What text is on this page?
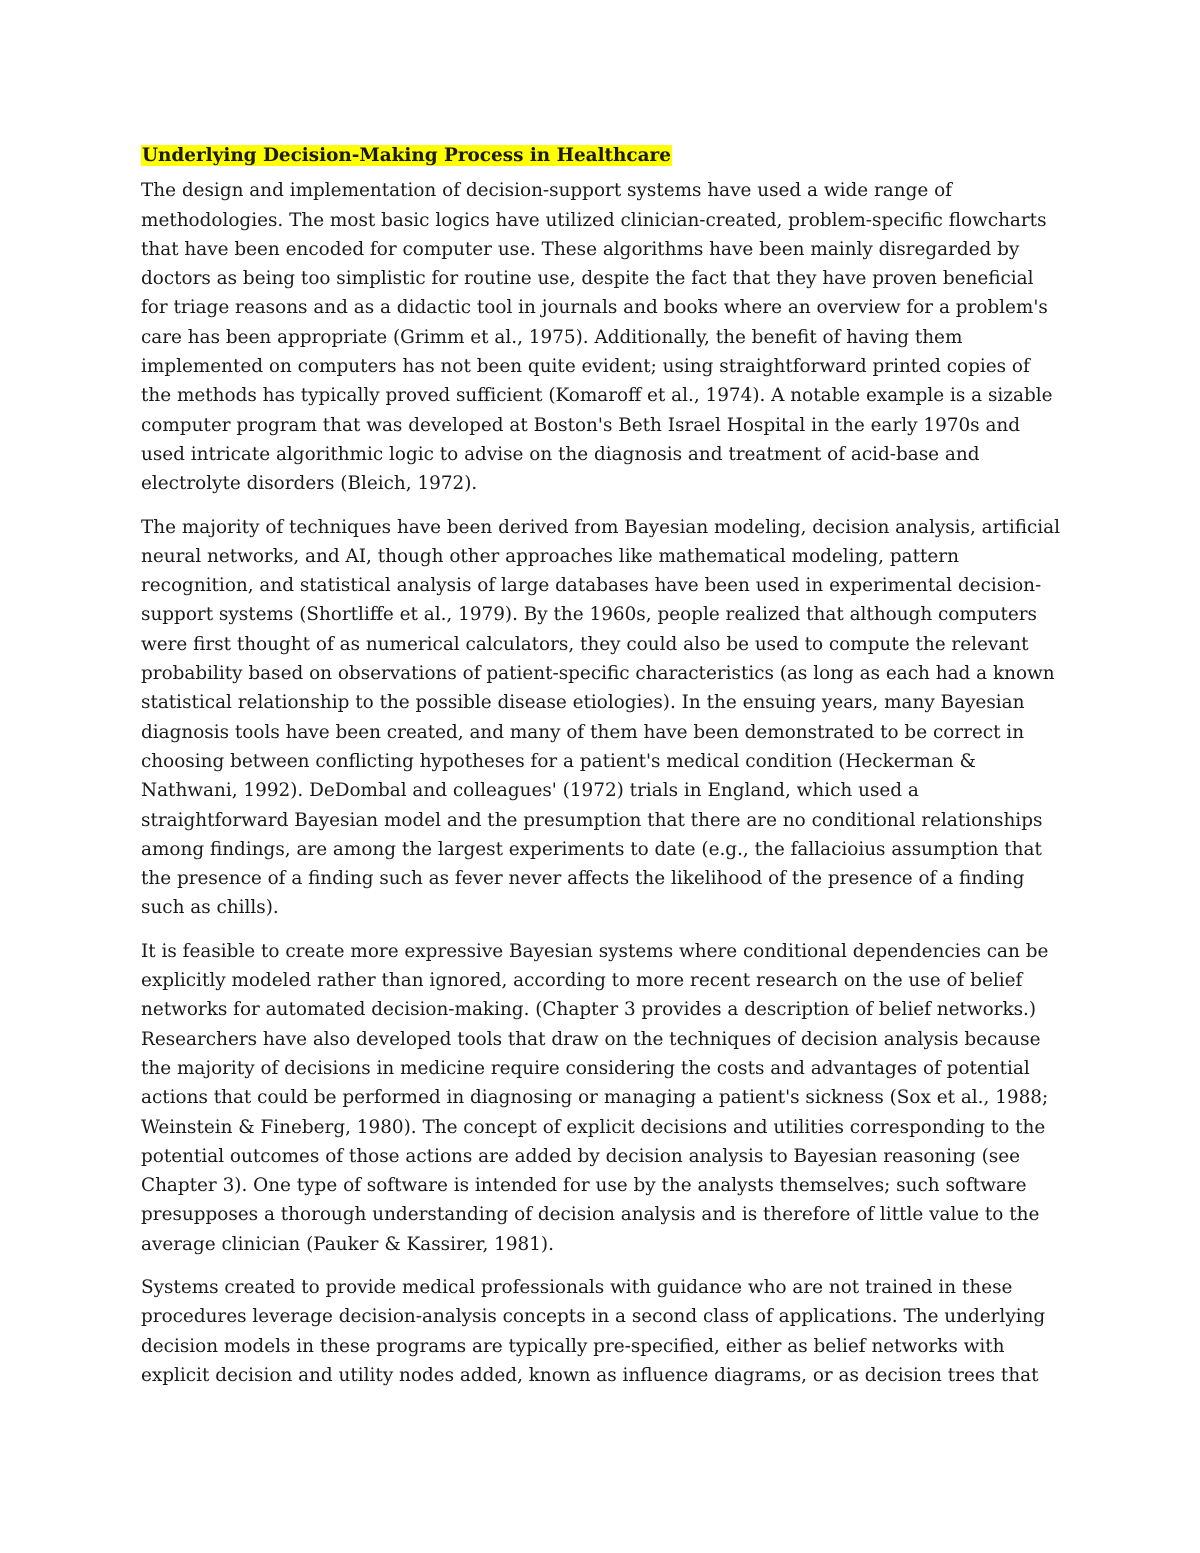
Underlying Decision-Making Process in Healthcare

The design and implementation of decision-support systems have used a wide range of methodologies. The most basic logics have utilized clinician-created, problem-specific flowcharts that have been encoded for computer use. These algorithms have been mainly disregarded by doctors as being too simplistic for routine use, despite the fact that they have proven beneficial for triage reasons and as a didactic tool in journals and books where an overview for a problem's care has been appropriate (Grimm et al., 1975). Additionally, the benefit of having them implemented on computers has not been quite evident; using straightforward printed copies of the methods has typically proved sufficient (Komaroff et al., 1974). A notable example is a sizable computer program that was developed at Boston's Beth Israel Hospital in the early 1970s and used intricate algorithmic logic to advise on the diagnosis and treatment of acid-base and electrolyte disorders (Bleich, 1972).

The majority of techniques have been derived from Bayesian modeling, decision analysis, artificial neural networks, and AI, though other approaches like mathematical modeling, pattern recognition, and statistical analysis of large databases have been used in experimental decision-support systems (Shortliffe et al., 1979). By the 1960s, people realized that although computers were first thought of as numerical calculators, they could also be used to compute the relevant probability based on observations of patient-specific characteristics (as long as each had a known statistical relationship to the possible disease etiologies). In the ensuing years, many Bayesian diagnosis tools have been created, and many of them have been demonstrated to be correct in choosing between conflicting hypotheses for a patient's medical condition (Heckerman & Nathwani, 1992). DeDombal and colleagues' (1972) trials in England, which used a straightforward Bayesian model and the presumption that there are no conditional relationships among findings, are among the largest experiments to date (e.g., the fallacioius assumption that the presence of a finding such as fever never affects the likelihood of the presence of a finding such as chills).

It is feasible to create more expressive Bayesian systems where conditional dependencies can be explicitly modeled rather than ignored, according to more recent research on the use of belief networks for automated decision-making. (Chapter 3 provides a description of belief networks.) Researchers have also developed tools that draw on the techniques of decision analysis because the majority of decisions in medicine require considering the costs and advantages of potential actions that could be performed in diagnosing or managing a patient's sickness (Sox et al., 1988; Weinstein & Fineberg, 1980). The concept of explicit decisions and utilities corresponding to the potential outcomes of those actions are added by decision analysis to Bayesian reasoning (see Chapter 3). One type of software is intended for use by the analysts themselves; such software presupposes a thorough understanding of decision analysis and is therefore of little value to the average clinician (Pauker & Kassirer, 1981).

Systems created to provide medical professionals with guidance who are not trained in these procedures leverage decision-analysis concepts in a second class of applications. The underlying decision models in these programs are typically pre-specified, either as belief networks with explicit decision and utility nodes added, known as influence diagrams, or as decision trees that
